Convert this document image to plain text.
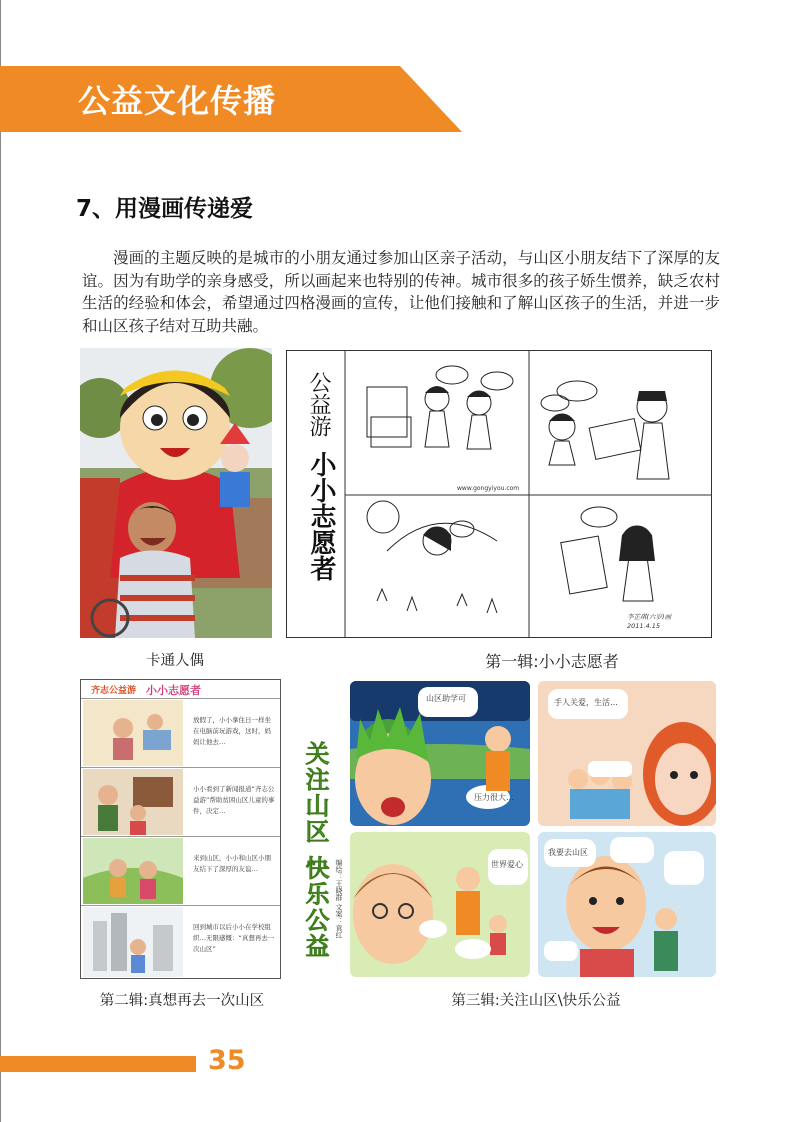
公益文化传播
7、用漫画传递爱

漫画的主题反映的是城市的小朋友通过参加山区亲子活动，与山区小朋友结下了深厚的友谊。因为有助学的亲身感受，所以画起来也特别的传神。城市很多的孩子娇生惯养，缺乏农村生活的经验和体会，希望通过四格漫画的宣传，让他们接触和了解山区孩子的生活，并进一步和山区孩子结对互助共融。

卡通人偶
公益游
小小志愿者	www.gongyiyou.com
李芷琪(六岁)画 2011.4.15
第一辑:小小志愿者
齐志公益游 小小志愿者
放假了，小小拿住日一样坐在电脑前玩游戏，这时，妈妈让他去…
小小看到了新闻报道“齐志公益游”帮助贫困山区儿童的事件，决定…
来到山区，小小和山区小朋友结下了深厚的友谊…
回到城市以后小小在学校组织…无限感慨：“真想再去一次山区”
第二辑:真想再去一次山区
关注山区 快乐公益 编绘：王晓群 文案：袁红
山区助学可
压力很大…
手人关爱，生活…
世界爱心
我要去山区
第三辑:关注山区\快乐公益
35
